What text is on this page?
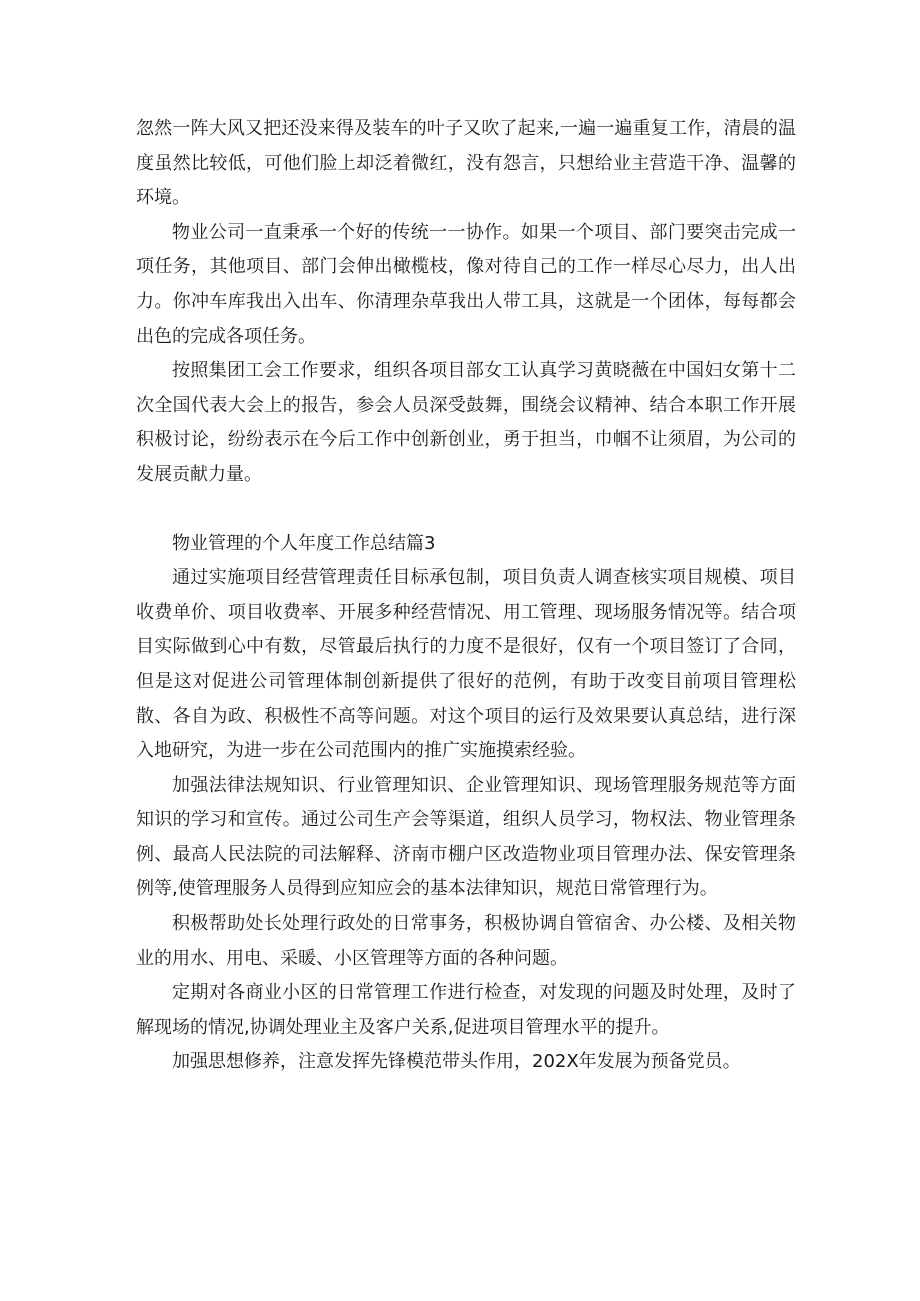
忽然一阵大风又把还没来得及装车的叶子又吹了起来,一遍一遍重复工作，清晨的温度虽然比较低，可他们脸上却泛着微红，没有怨言，只想给业主营造干净、温馨的环境。

物业公司一直秉承一个好的传统一一协作。如果一个项目、部门要突击完成一项任务，其他项目、部门会伸出橄榄枝，像对待自己的工作一样尽心尽力，出人出力。你冲车库我出入出车、你清理杂草我出人带工具，这就是一个团体，每每都会出色的完成各项任务。

按照集团工会工作要求，组织各项目部女工认真学习黄晓薇在中国妇女第十二次全国代表大会上的报告，参会人员深受鼓舞，围绕会议精神、结合本职工作开展积极讨论，纷纷表示在今后工作中创新创业，勇于担当，巾帼不让须眉，为公司的发展贡献力量。

物业管理的个人年度工作总结篇3

通过实施项目经营管理责任目标承包制，项目负责人调查核实项目规模、项目收费单价、项目收费率、开展多种经营情况、用工管理、现场服务情况等。结合项目实际做到心中有数，尽管最后执行的力度不是很好，仅有一个项目签订了合同，但是这对促进公司管理体制创新提供了很好的范例，有助于改变目前项目管理松散、各自为政、积极性不高等问题。对这个项目的运行及效果要认真总结，进行深入地研究，为进一步在公司范围内的推广实施摸索经验。

加强法律法规知识、行业管理知识、企业管理知识、现场管理服务规范等方面知识的学习和宣传。通过公司生产会等渠道，组织人员学习，物权法、物业管理条例、最高人民法院的司法解释、济南市棚户区改造物业项目管理办法、保安管理条例等,使管理服务人员得到应知应会的基本法律知识，规范日常管理行为。

积极帮助处长处理行政处的日常事务，积极协调自管宿舍、办公楼、及相关物业的用水、用电、采暖、小区管理等方面的各种问题。

定期对各商业小区的日常管理工作进行检查，对发现的问题及时处理，及时了解现场的情况,协调处理业主及客户关系,促进项目管理水平的提升。

加强思想修养，注意发挥先锋模范带头作用，202X年发展为预备党员。
